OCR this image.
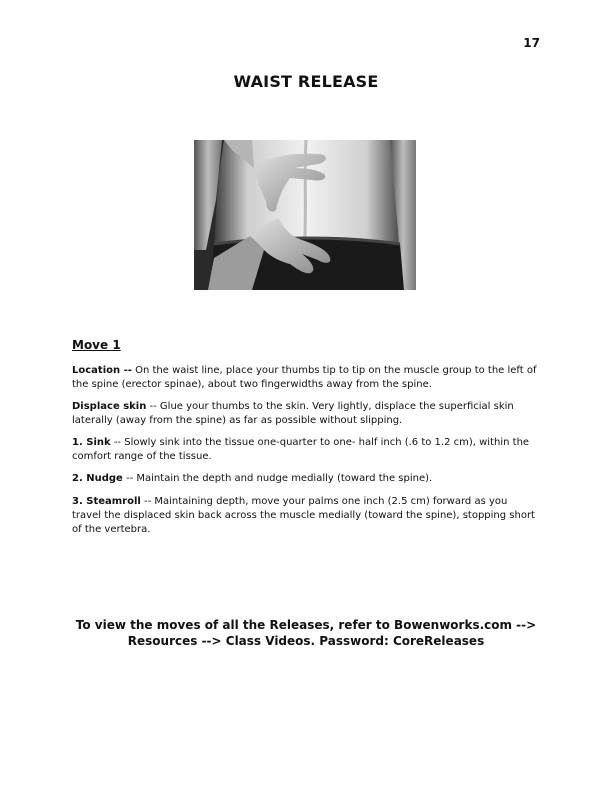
17
WAIST RELEASE
Move 1
Location -- On the waist line, place your thumbs tip to tip on the muscle group to the left of the spine (erector spinae), about two fingerwidths away from the spine.
Displace skin -- Glue your thumbs to the skin. Very lightly, displace the superficial skin laterally (away from the spine) as far as possible without slipping.
1. Sink -- Slowly sink into the tissue one-quarter to one- half inch (.6 to 1.2 cm), within the comfort range of the tissue.
2. Nudge -- Maintain the depth and nudge medially (toward the spine).
3. Steamroll -- Maintaining depth, move your palms one inch (2.5 cm) forward as you travel the displaced skin back across the muscle medially (toward the spine), stopping short of the vertebra.
To view the moves of all the Releases, refer to Bowenworks.com -->
Resources --> Class Videos. Password: CoreReleases
